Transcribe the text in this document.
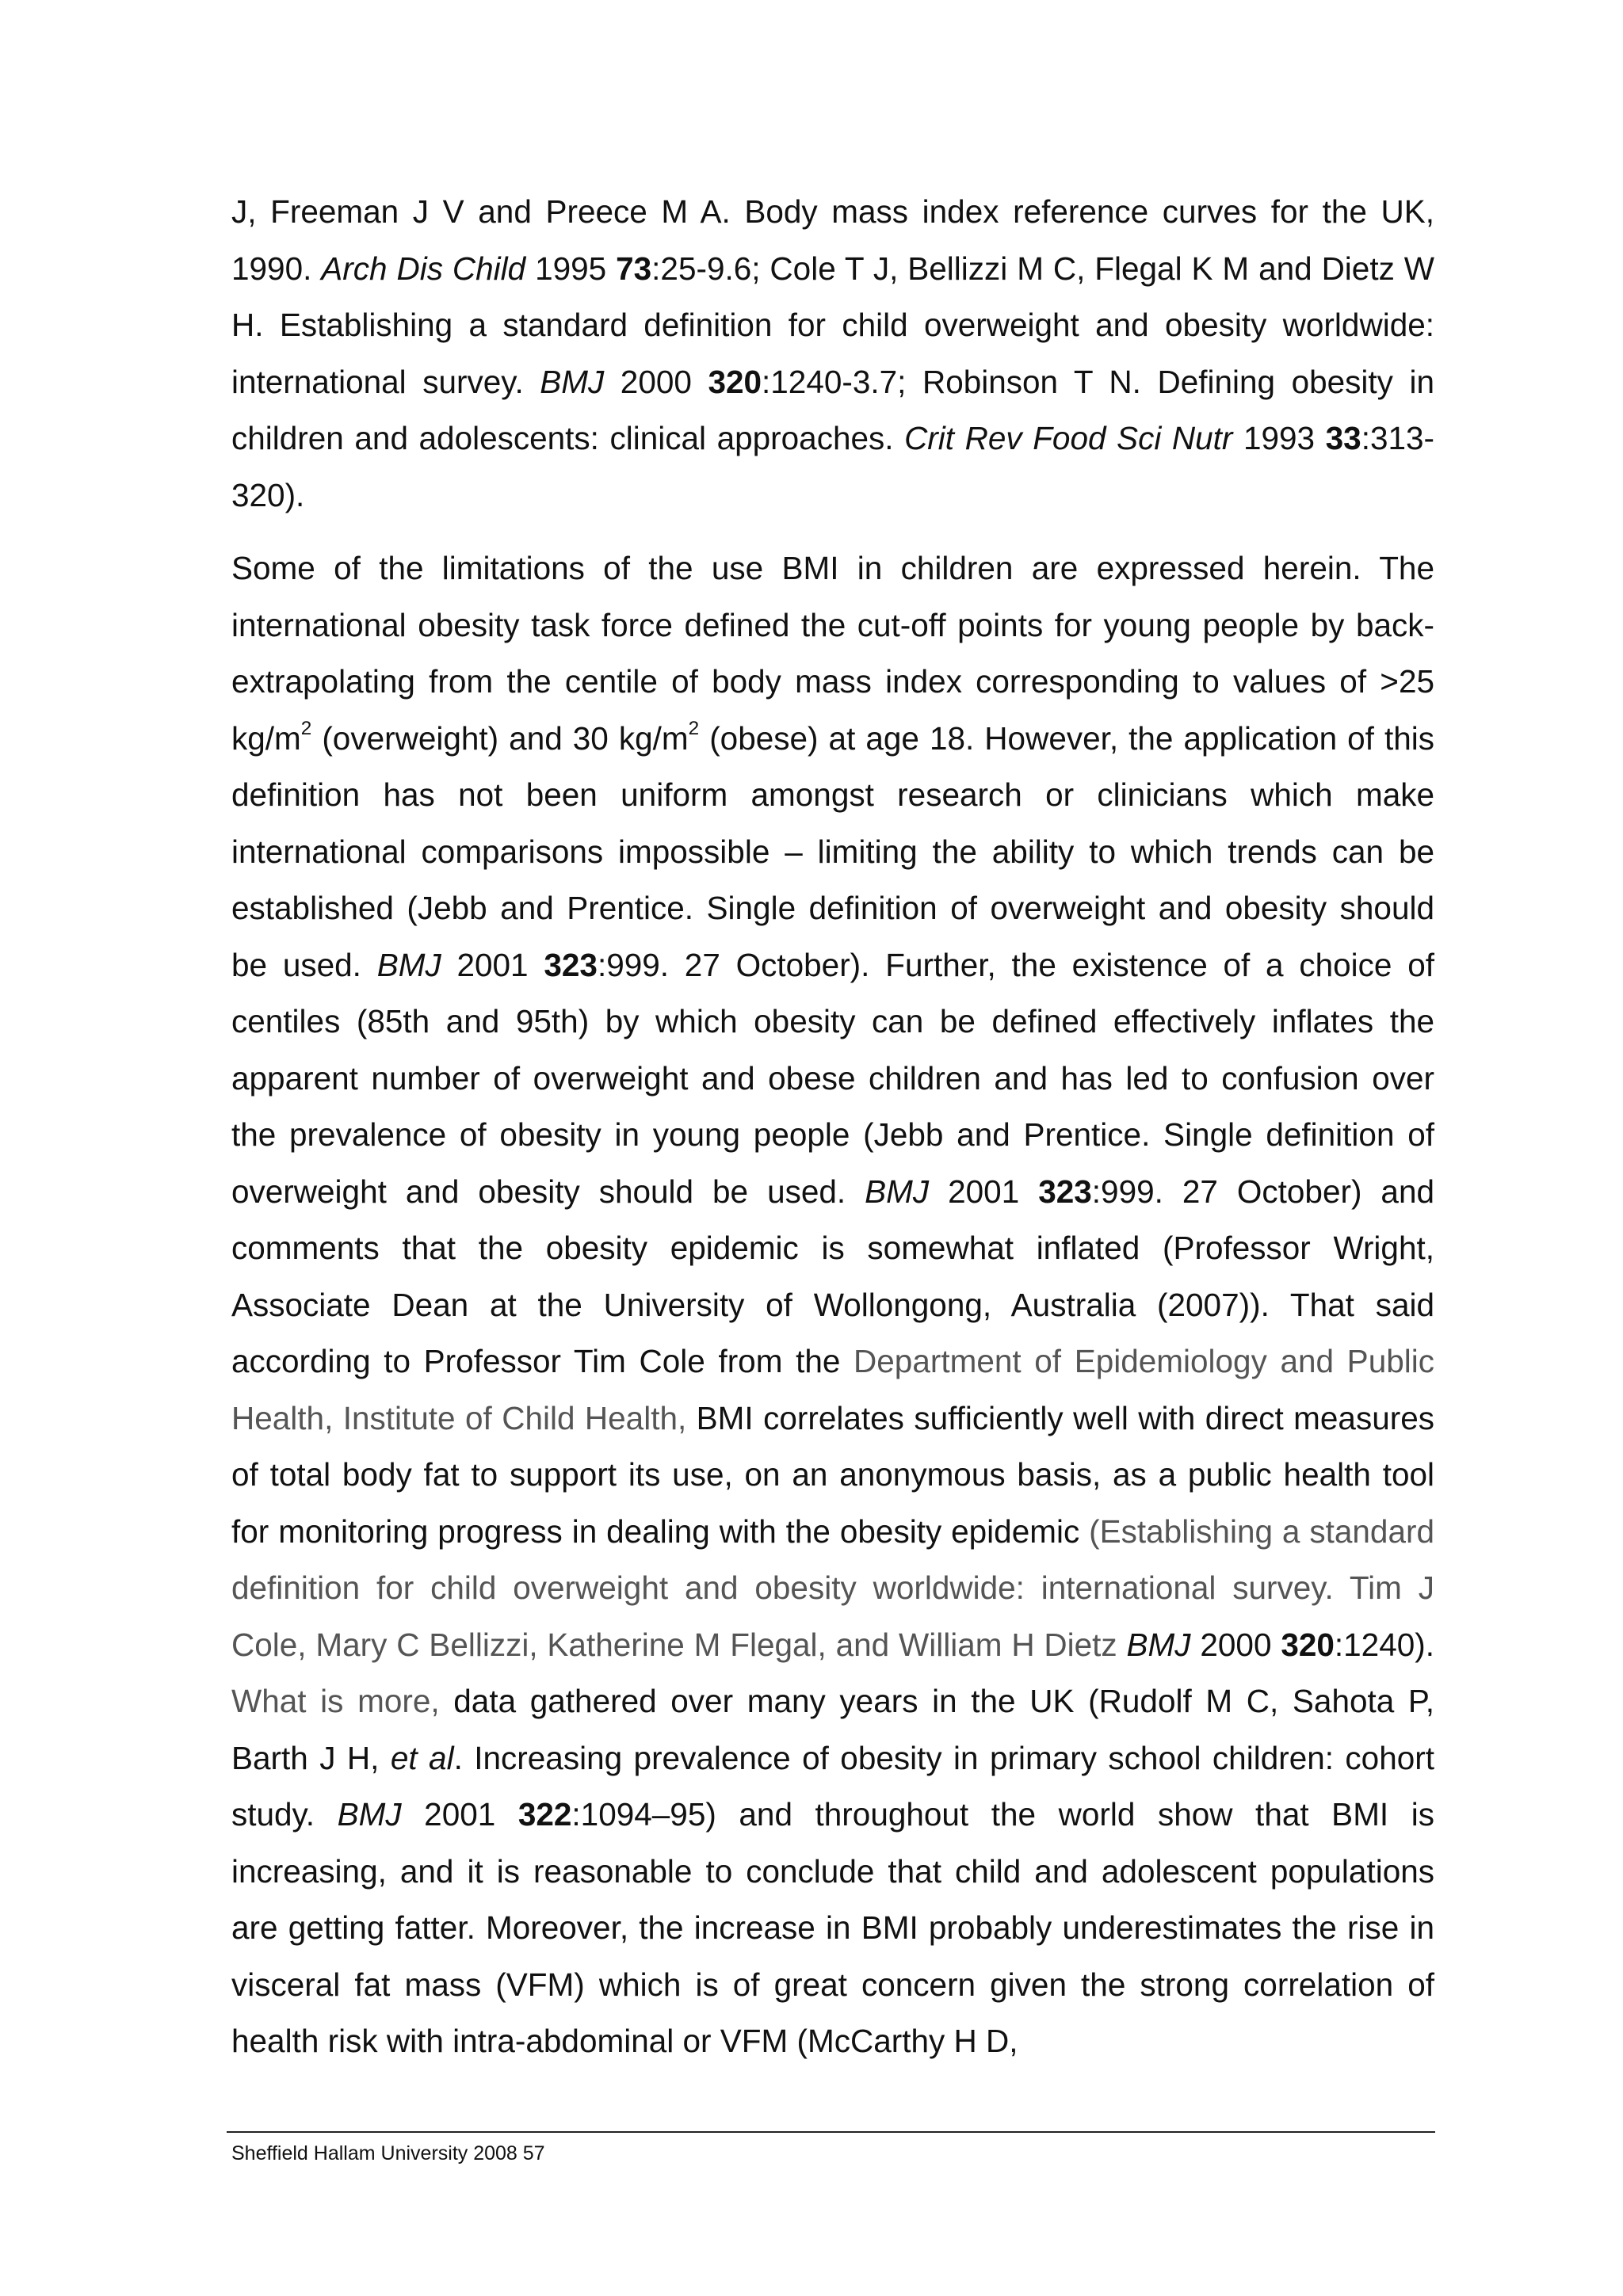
J, Freeman J V and Preece M A. Body mass index reference curves for the UK, 1990. Arch Dis Child 1995 73:25-9.6; Cole T J, Bellizzi M C, Flegal K M and Dietz W H. Establishing a standard definition for child overweight and obesity worldwide: international survey. BMJ 2000 320:1240-3.7; Robinson T N. Defining obesity in children and adolescents: clinical approaches. Crit Rev Food Sci Nutr 1993 33:313-320).

Some of the limitations of the use BMI in children are expressed herein. The international obesity task force defined the cut-off points for young people by back-extrapolating from the centile of body mass index corresponding to values of >25 $kg/m^2$ (overweight) and 30 $kg/m^2$ (obese) at age 18. However, the application of this definition has not been uniform amongst research or clinicians which make international comparisons impossible – limiting the ability to which trends can be established (Jebb and Prentice. Single definition of overweight and obesity should be used. BMJ 2001 323:999. 27 October). Further, the existence of a choice of centiles (85th and 95th) by which obesity can be defined effectively inflates the apparent number of overweight and obese children and has led to confusion over the prevalence of obesity in young people (Jebb and Prentice. Single definition of overweight and obesity should be used. BMJ 2001 323:999. 27 October) and comments that the obesity epidemic is somewhat inflated (Professor Wright, Associate Dean at the University of Wollongong, Australia (2007)). That said according to Professor Tim Cole from the Department of Epidemiology and Public Health, Institute of Child Health, BMI correlates sufficiently well with direct measures of total body fat to support its use, on an anonymous basis, as a public health tool for monitoring progress in dealing with the obesity epidemic (Establishing a standard definition for child overweight and obesity worldwide: international survey. Tim J Cole, Mary C Bellizzi, Katherine M Flegal, and William H Dietz BMJ 2000 320:1240). What is more, data gathered over many years in the UK (Rudolf M C, Sahota P, Barth J H, et al. Increasing prevalence of obesity in primary school children: cohort study. BMJ 2001 322:1094–95) and throughout the world show that BMI is increasing, and it is reasonable to conclude that child and adolescent populations are getting fatter. Moreover, the increase in BMI probably underestimates the rise in visceral fat mass (VFM) which is of great concern given the strong correlation of health risk with intra-abdominal or VFM (McCarthy H D,

Sheffield Hallam University 2008 57
